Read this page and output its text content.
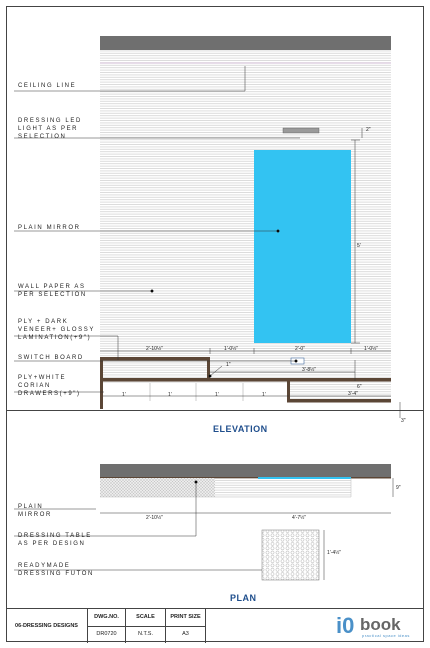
CEILING LINE
DRESSING LED
LIGHT AS PER
SELECTION
PLAIN MIRROR
WALL PAPER AS
PER SELECTION
PLY + DARK
VENEER+ GLOSSY
LAMINATION(+9")
SWITCH BOARD
PLY+WHITE
CORIAN
DRAWERS(+9")
2"
5'
2'-10½"	1'-0½"	2'-0"	1'-0½"
1"
3'-8½"
6"
1'	1'	1'	1'	3'-4"
3"
ELEVATION
PLAIN
MIRROR
DRESSING TABLE
AS PER DESIGN
READYMADE
DRESSING FUTON
2'-10½"	4'-7½"
9"
1'-4½"
PLAN
06-DRESSING DESIGNS
DWG.NO.
DR0720
SCALE
N.T.S.
PRINT SIZE
A3	i0 book
practical space ideas
